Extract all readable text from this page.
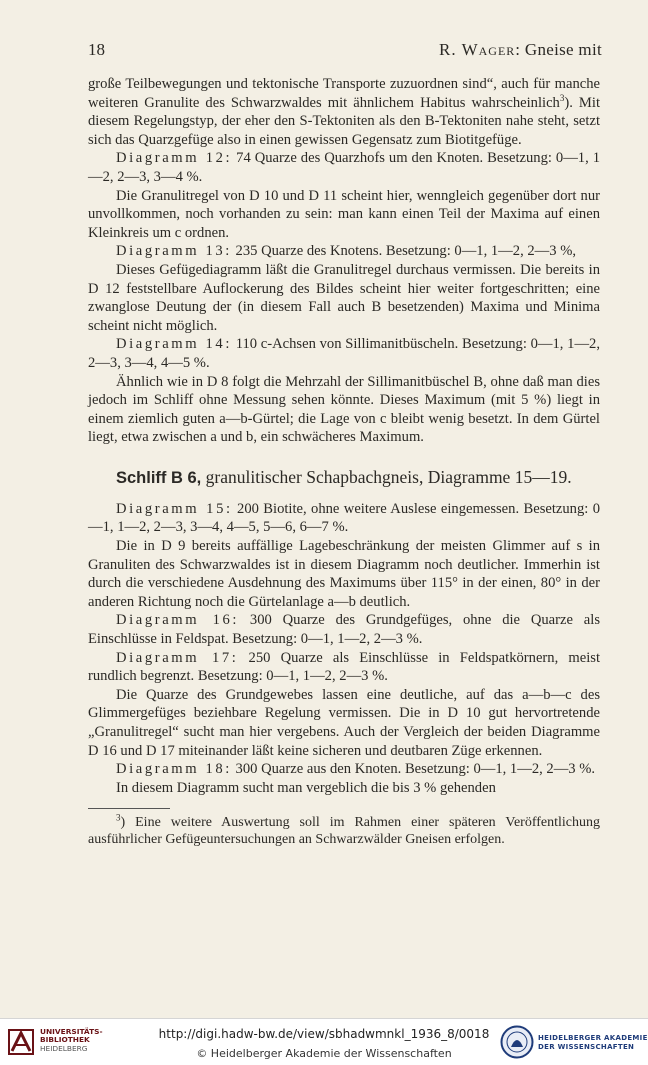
18	R. Wager: Gneise mit

große Teilbewegungen und tektonische Transporte zuzuordnen sind“, auch für manche weiteren Granulite des Schwarzwaldes mit ähnlichem Habitus wahrscheinlich$^3$). Mit diesem Regelungstyp, der eher den S-Tektoniten als den B-Tektoniten nahe steht, setzt sich das Quarzgefüge also in einen gewissen Gegensatz zum Biotitgefüge.

Diagramm 12: 74 Quarze des Quarzhofs um den Knoten. Besetzung: 0—1, 1—2, 2—3, 3—4 %.

Die Granulitregel von D 10 und D 11 scheint hier, wenngleich gegenüber dort nur unvollkommen, noch vorhanden zu sein: man kann einen Teil der Maxima auf einen Kleinkreis um c ordnen.

Diagramm 13: 235 Quarze des Knotens. Besetzung: 0—1, 1—2, 2—3 %,

Dieses Gefügediagramm läßt die Granulitregel durchaus vermissen. Die bereits in D 12 feststellbare Auflockerung des Bildes scheint hier weiter fortgeschritten; eine zwanglose Deutung der (in diesem Fall auch B besetzenden) Maxima und Minima scheint nicht möglich.

Diagramm 14: 110 c-Achsen von Sillimanitbüscheln. Besetzung: 0—1, 1—2, 2—3, 3—4, 4—5 %.

Ähnlich wie in D 8 folgt die Mehrzahl der Sillimanitbüschel B, ohne daß man dies jedoch im Schliff ohne Messung sehen könnte. Dieses Maximum (mit 5 %) liegt in einem ziemlich guten a—b-Gürtel; die Lage von c bleibt wenig besetzt. In dem Gürtel liegt, etwa zwischen a und b, ein schwächeres Maximum.

Schliff B 6, granulitischer Schapbachgneis, Diagramme 15—19.

Diagramm 15: 200 Biotite, ohne weitere Auslese eingemessen. Besetzung: 0—1, 1—2, 2—3, 3—4, 4—5, 5—6, 6—7 %.

Die in D 9 bereits auffällige Lagebeschränkung der meisten Glimmer auf s in Granuliten des Schwarzwaldes ist in diesem Diagramm noch deutlicher. Immerhin ist durch die verschiedene Ausdehnung des Maximums über 115° in der einen, 80° in der anderen Richtung noch die Gürtelanlage a—b deutlich.

Diagramm 16: 300 Quarze des Grundgefüges, ohne die Quarze als Einschlüsse in Feldspat. Besetzung: 0—1, 1—2, 2—3 %.

Diagramm 17: 250 Quarze als Einschlüsse in Feldspatkörnern, meist rundlich begrenzt. Besetzung: 0—1, 1—2, 2—3 %.

Die Quarze des Grundgewebes lassen eine deutliche, auf das a—b—c des Glimmergefüges beziehbare Regelung vermissen. Die in D 10 gut hervortretende „Granulitregel“ sucht man hier vergebens. Auch der Vergleich der beiden Diagramme D 16 und D 17 miteinander läßt keine sicheren und deutbaren Züge erkennen.

Diagramm 18: 300 Quarze aus den Knoten. Besetzung: 0—1, 1—2, 2—3 %.

In diesem Diagramm sucht man vergeblich die bis 3 % gehenden

$^3$) Eine weitere Auswertung soll im Rahmen einer späteren Veröffentlichung ausführlicher Gefügeuntersuchungen an Schwarzwälder Gneisen erfolgen.

UNIVERSITÄTS-
BIBLIOTHEK
HEIDELBERG
http://digi.hadw-bw.de/view/sbhadwmnkl_1936_8/0018
© Heidelberger Akademie der Wissenschaften
HEIDELBERGER AKADEMIE
DER WISSENSCHAFTEN
